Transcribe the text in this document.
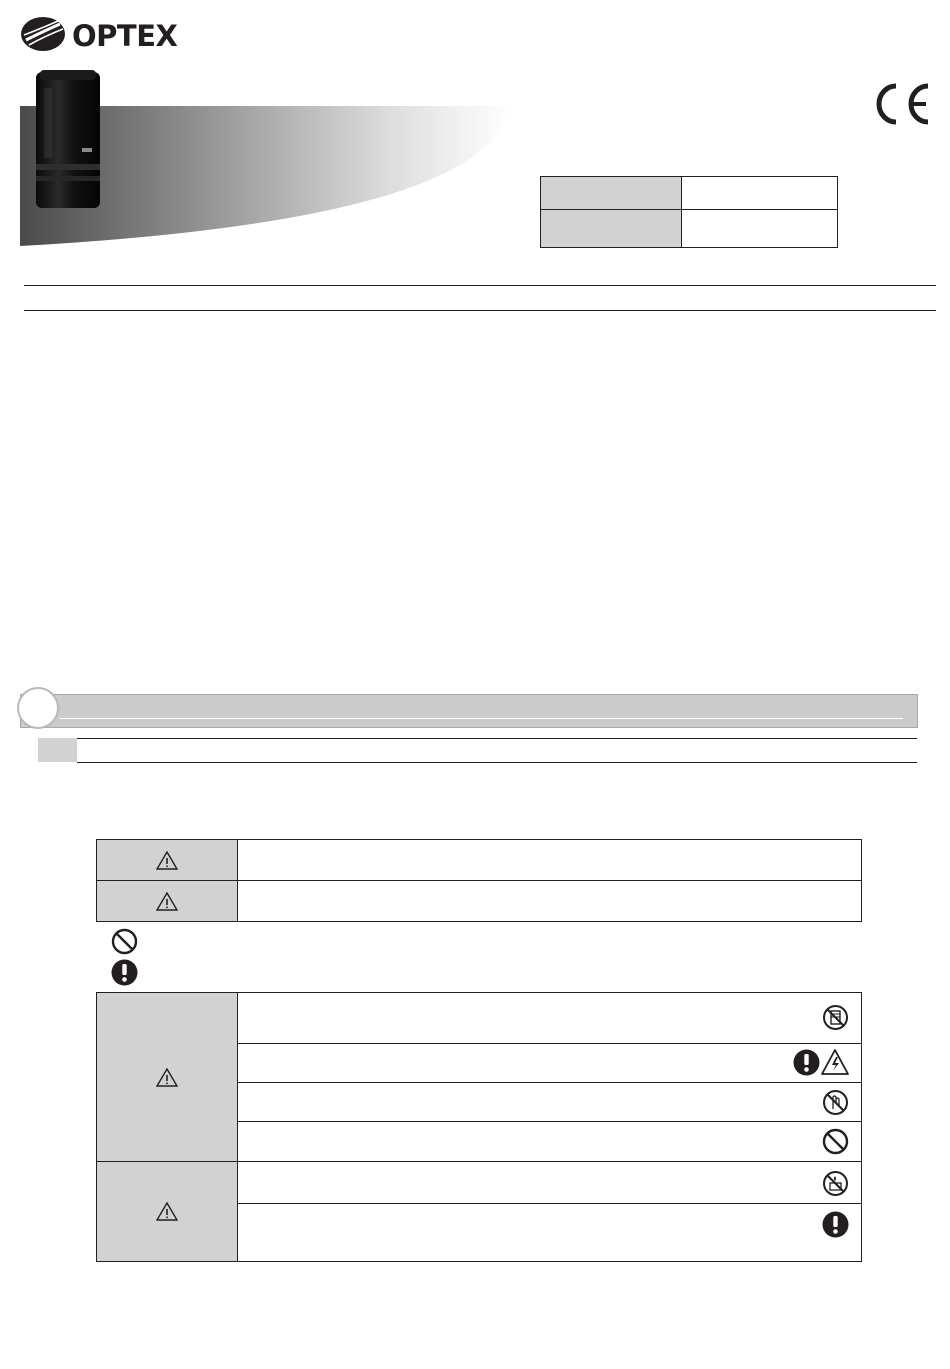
OPTEX
